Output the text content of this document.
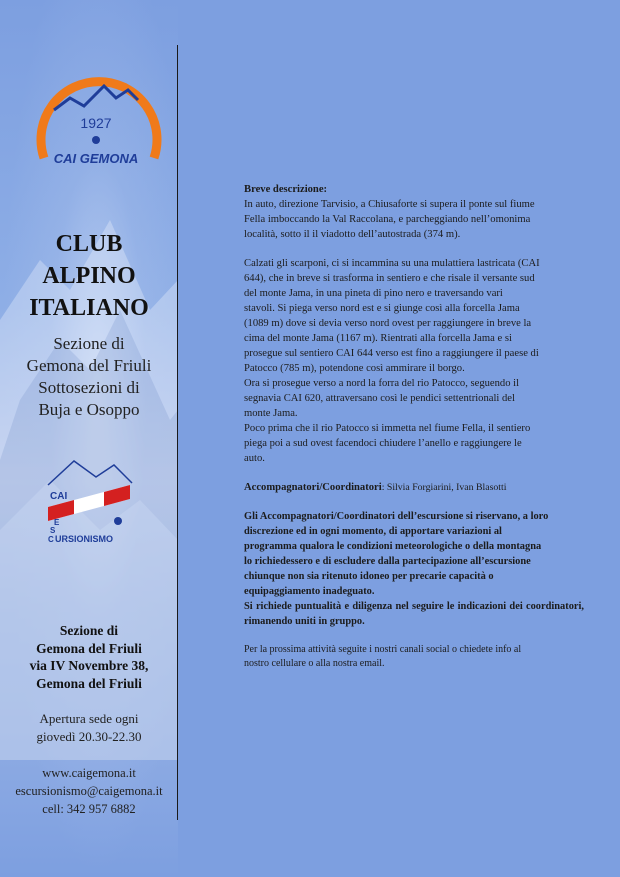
1927
CAI GEMONA
CLUB
ALPINO
ITALIANO
Sezione di
Gemona del Friuli
Sottosezioni di
Buja e Osoppo
CAI
E
S
C URSIONISMO
Sezione di
Gemona del Friuli
via IV Novembre 38,
Gemona del Friuli
Apertura sede ogni
giovedì 20.30-22.30
www.caigemona.it
escursionismo@caigemona.it
cell: 342 957 6882

Breve descrizione:

In auto, direzione Tarvisio, a Chiusaforte si supera il ponte sul fiume
Fella imboccando la Val Raccolana, e parcheggiando nell’omonima
località, sotto il il viadotto dell’autostrada (374 m).
Calzati gli scarponi, ci si incammina su una mulattiera lastricata (CAI
644), che in breve si trasforma in sentiero e che risale il versante sud
del monte Jama, in una pineta di pino nero e traversando vari
stavoli. Si piega verso nord est e si giunge così alla forcella Jama
(1089 m) dove si devia verso nord ovest per raggiungere in breve la
cima del monte Jama (1167 m). Rientrati alla forcella Jama e si
prosegue sul sentiero CAI 644 verso est fino a raggiungere il paese di
Patocco (785 m), potendone così ammirare il borgo.
Ora si prosegue verso a nord la forra del rio Patocco, seguendo il
segnavia CAI 620, attraversano così le pendici settentrionali del
monte Jama.
Poco prima che il rio Patocco si immetta nel fiume Fella, il sentiero
piega poi a sud ovest facendoci chiudere l’anello e raggiungere le
auto.

Accompagnatori/Coordinatori: Silvia Forgiarini, Ivan Blasotti

Gli Accompagnatori/Coordinatori dell’escursione si riservano, a loro
discrezione ed in ogni momento, di apportare variazioni al
programma qualora le condizioni meteorologiche o della montagna
lo richiedessero e di escludere dalla partecipazione all’escursione
chiunque non sia ritenuto idoneo per precarie capacità o
equipaggiamento inadeguato.
Si richiede puntualità e diligenza nel seguire le indicazioni dei coordinatori, rimanendo uniti in gruppo.
Per la prossima attività seguite i nostri canali social o chiedete info al
nostro cellulare o alla nostra email.
